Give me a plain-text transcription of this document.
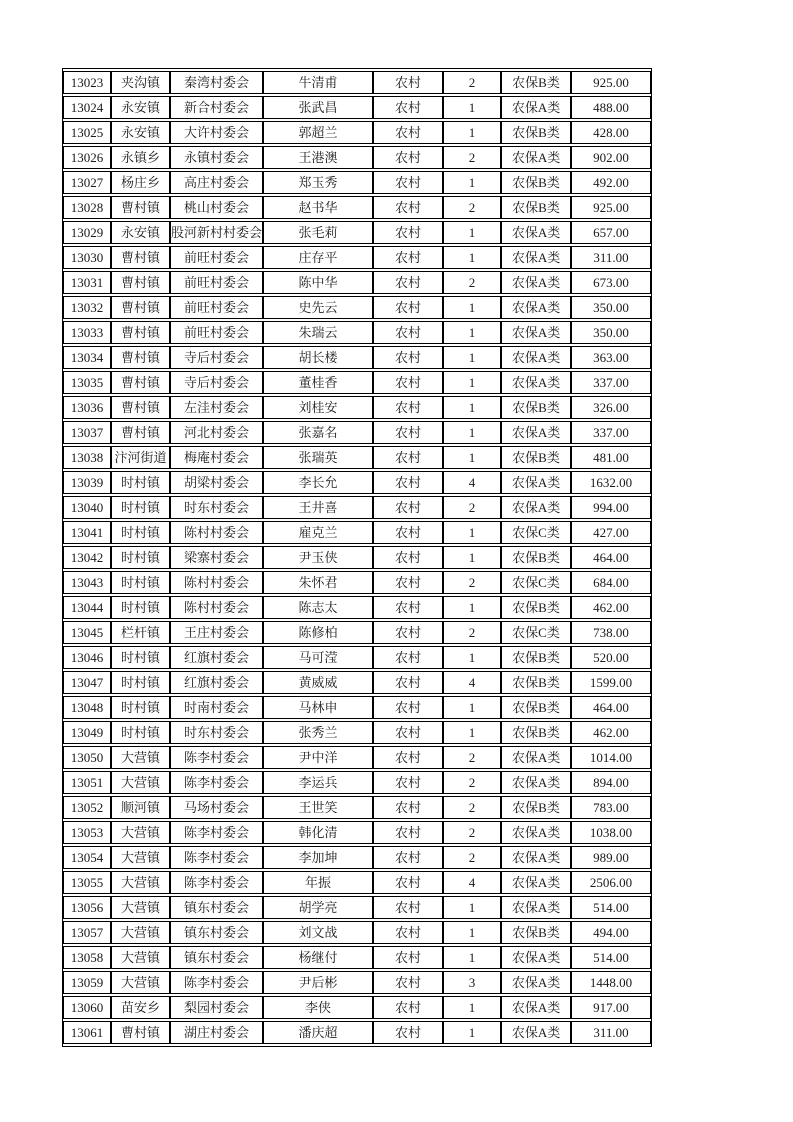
13023	夹沟镇	秦湾村委会	牛清甫	农村	2	农保B类	925.00
13024	永安镇	新合村委会	张武昌	农村	1	农保A类	488.00
13025	永安镇	大许村委会	郭超兰	农村	1	农保B类	428.00
13026	永镇乡	永镇村委会	王港澳	农村	2	农保A类	902.00
13027	杨庄乡	高庄村委会	郑玉秀	农村	1	农保B类	492.00
13028	曹村镇	桃山村委会	赵书华	农村	2	农保B类	925.00
13029	永安镇	股河新村村委会	张毛莉	农村	1	农保A类	657.00
13030	曹村镇	前旺村委会	庄存平	农村	1	农保A类	311.00
13031	曹村镇	前旺村委会	陈中华	农村	2	农保A类	673.00
13032	曹村镇	前旺村委会	史先云	农村	1	农保A类	350.00
13033	曹村镇	前旺村委会	朱瑞云	农村	1	农保A类	350.00
13034	曹村镇	寺后村委会	胡长楼	农村	1	农保A类	363.00
13035	曹村镇	寺后村委会	董桂香	农村	1	农保A类	337.00
13036	曹村镇	左洼村委会	刘桂安	农村	1	农保B类	326.00
13037	曹村镇	河北村委会	张嘉名	农村	1	农保A类	337.00
13038	汴河街道	梅庵村委会	张瑞英	农村	1	农保B类	481.00
13039	时村镇	胡梁村委会	李长允	农村	4	农保A类	1632.00
13040	时村镇	时东村委会	王井喜	农村	2	农保A类	994.00
13041	时村镇	陈村村委会	雇克兰	农村	1	农保C类	427.00
13042	时村镇	梁寨村委会	尹玉侠	农村	1	农保B类	464.00
13043	时村镇	陈村村委会	朱怀君	农村	2	农保C类	684.00
13044	时村镇	陈村村委会	陈志太	农村	1	农保B类	462.00
13045	栏杆镇	王庄村委会	陈修柏	农村	2	农保C类	738.00
13046	时村镇	红旗村委会	马可滢	农村	1	农保B类	520.00
13047	时村镇	红旗村委会	黄威威	农村	4	农保B类	1599.00
13048	时村镇	时南村委会	马林申	农村	1	农保B类	464.00
13049	时村镇	时东村委会	张秀兰	农村	1	农保B类	462.00
13050	大营镇	陈李村委会	尹中洋	农村	2	农保A类	1014.00
13051	大营镇	陈李村委会	李运兵	农村	2	农保A类	894.00
13052	顺河镇	马场村委会	王世笑	农村	2	农保B类	783.00
13053	大营镇	陈李村委会	韩化清	农村	2	农保A类	1038.00
13054	大营镇	陈李村委会	李加坤	农村	2	农保A类	989.00
13055	大营镇	陈李村委会	年振	农村	4	农保A类	2506.00
13056	大营镇	镇东村委会	胡学亮	农村	1	农保A类	514.00
13057	大营镇	镇东村委会	刘文战	农村	1	农保B类	494.00
13058	大营镇	镇东村委会	杨继付	农村	1	农保A类	514.00
13059	大营镇	陈李村委会	尹后彬	农村	3	农保A类	1448.00
13060	苗安乡	梨园村委会	李侠	农村	1	农保A类	917.00
13061	曹村镇	湖庄村委会	潘庆超	农村	1	农保A类	311.00
